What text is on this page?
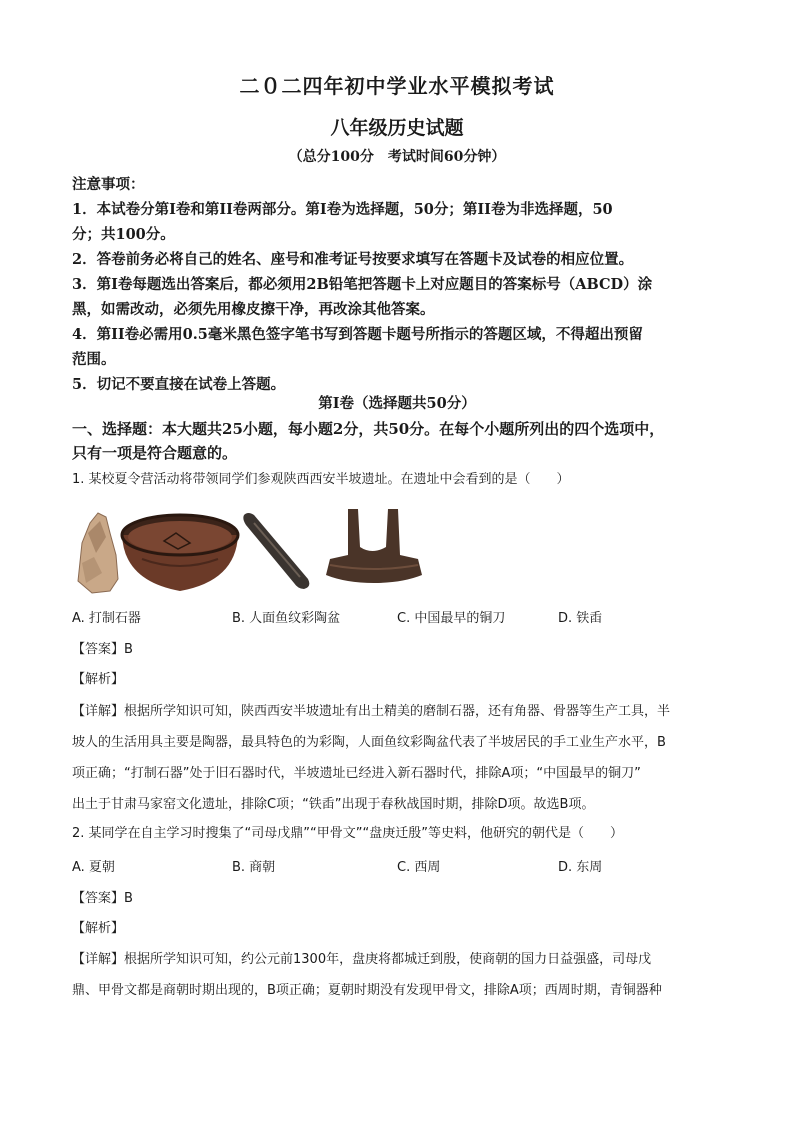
二０二四年初中学业水平模拟考试
八年级历史试题
（总分100分　考试时间60分钟）

注意事项：

1．本试卷分第Ⅰ卷和第II卷两部分。第Ⅰ卷为选择题，50分；第II卷为非选择题，50

分；共100分。

2．答卷前务必将自己的姓名、座号和准考证号按要求填写在答题卡及试卷的相应位置。

3．第Ⅰ卷每题选出答案后，都必须用2B铅笔把答题卡上对应题目的答案标号（ABCD）涂

黑，如需改动，必须先用橡皮擦干净，再改涂其他答案。

4．第II卷必需用0.5毫米黑色签字笔书写到答题卡题号所指示的答题区域，不得超出预留

范围。

5．切记不要直接在试卷上答题。

第Ⅰ卷（选择题共50分）

一、选择题：本大题共25小题，每小题2分，共50分。在每个小题所列出的四个选项中，

只有一项是符合题意的。

1. 某校夏令营活动将带领同学们参观陕西西安半坡遗址。在遗址中会看到的是（　　）
A. 打制石器	B. 人面鱼纹彩陶盆	C. 中国最早的铜刀	D. 铁臿
【答案】B
【解析】

【详解】根据所学知识可知，陕西西安半坡遗址有出土精美的磨制石器，还有角器、骨器等生产工具，半

坡人的生活用具主要是陶器，最具特色的为彩陶，人面鱼纹彩陶盆代表了半坡居民的手工业生产水平，B

项正确；“打制石器”处于旧石器时代，半坡遗址已经进入新石器时代，排除A项；“中国最早的铜刀”

出土于甘肃马家窑文化遗址，排除C项；“铁臿”出现于春秋战国时期，排除D项。故选B项。

2. 某同学在自主学习时搜集了“司母戊鼎”“甲骨文”“盘庚迁殷”等史料，他研究的朝代是（　　）
A. 夏朝	B. 商朝	C. 西周	D. 东周
【答案】B
【解析】

【详解】根据所学知识可知，约公元前1300年，盘庚将都城迁到殷，使商朝的国力日益强盛，司母戊

鼎、甲骨文都是商朝时期出现的，B项正确；夏朝时期没有发现甲骨文，排除A项；西周时期，青铜器种
